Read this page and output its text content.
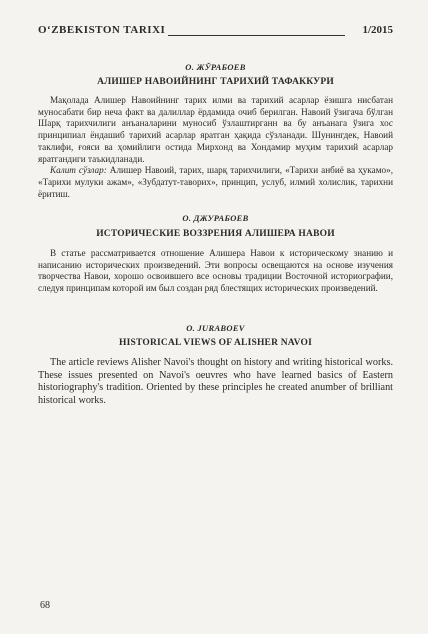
O‘ZBEKISTON TARIXI	1/2015
О. ЖЎРАБОЕВ
АЛИШЕР НАВОИЙНИНГ ТАРИХИЙ ТАФАККУРИ

Мақолада Алишер Навоийнинг тарих илми ва тарихий асарлар ёзишга нисбатан муносабати бир неча факт ва далиллар ёрдамида очиб берилган. Навоий ўзигача бўлган Шарқ тарихчилиги анъаналарини муносиб ўзлаштирганн ва бу анъанага ўзига хос принципиал ёндашиб тарихий асарлар яратган ҳақида сўзланади. Шунингдек, Навоий таклифи, ғояси ва ҳомийлиги остида Мирхонд ва Хондамир муҳим тарихий асарлар яратгандиги таъкидланади.

Калит сўзлар: Алишер Навоий, тарих, шарқ тарихчилиги, «Тарихи анбиё ва ҳукамо», «Тарихи мулуки ажам», «Зубдатут-таворих», принцип, услуб, илмий холислик, тарихни ёритиш.

О. ДЖУРАБОЕВ
ИСТОРИЧЕСКИЕ ВОЗЗРЕНИЯ АЛИШЕРА НАВОИ

В статье рассматривается отношение Алишера Навои к историческому знанию и написанию исторических произведений. Эти вопросы освещаются на основе изучения творчества Навои, хорошо освоившего все основы традиции Восточной историографии, следуя принципам которой им был создан ряд блестящих исторических произведений.

O. JURABOEV
HISTORICAL VIEWS OF ALISHER NAVOI

The article reviews Alisher Navoi's thought on history and writing historical works. These issues presented on Navoi's oeuvres who have learned basics of Eastern historiography's tradition. Oriented by these principles he created anumber of brilliant historical works.

68
